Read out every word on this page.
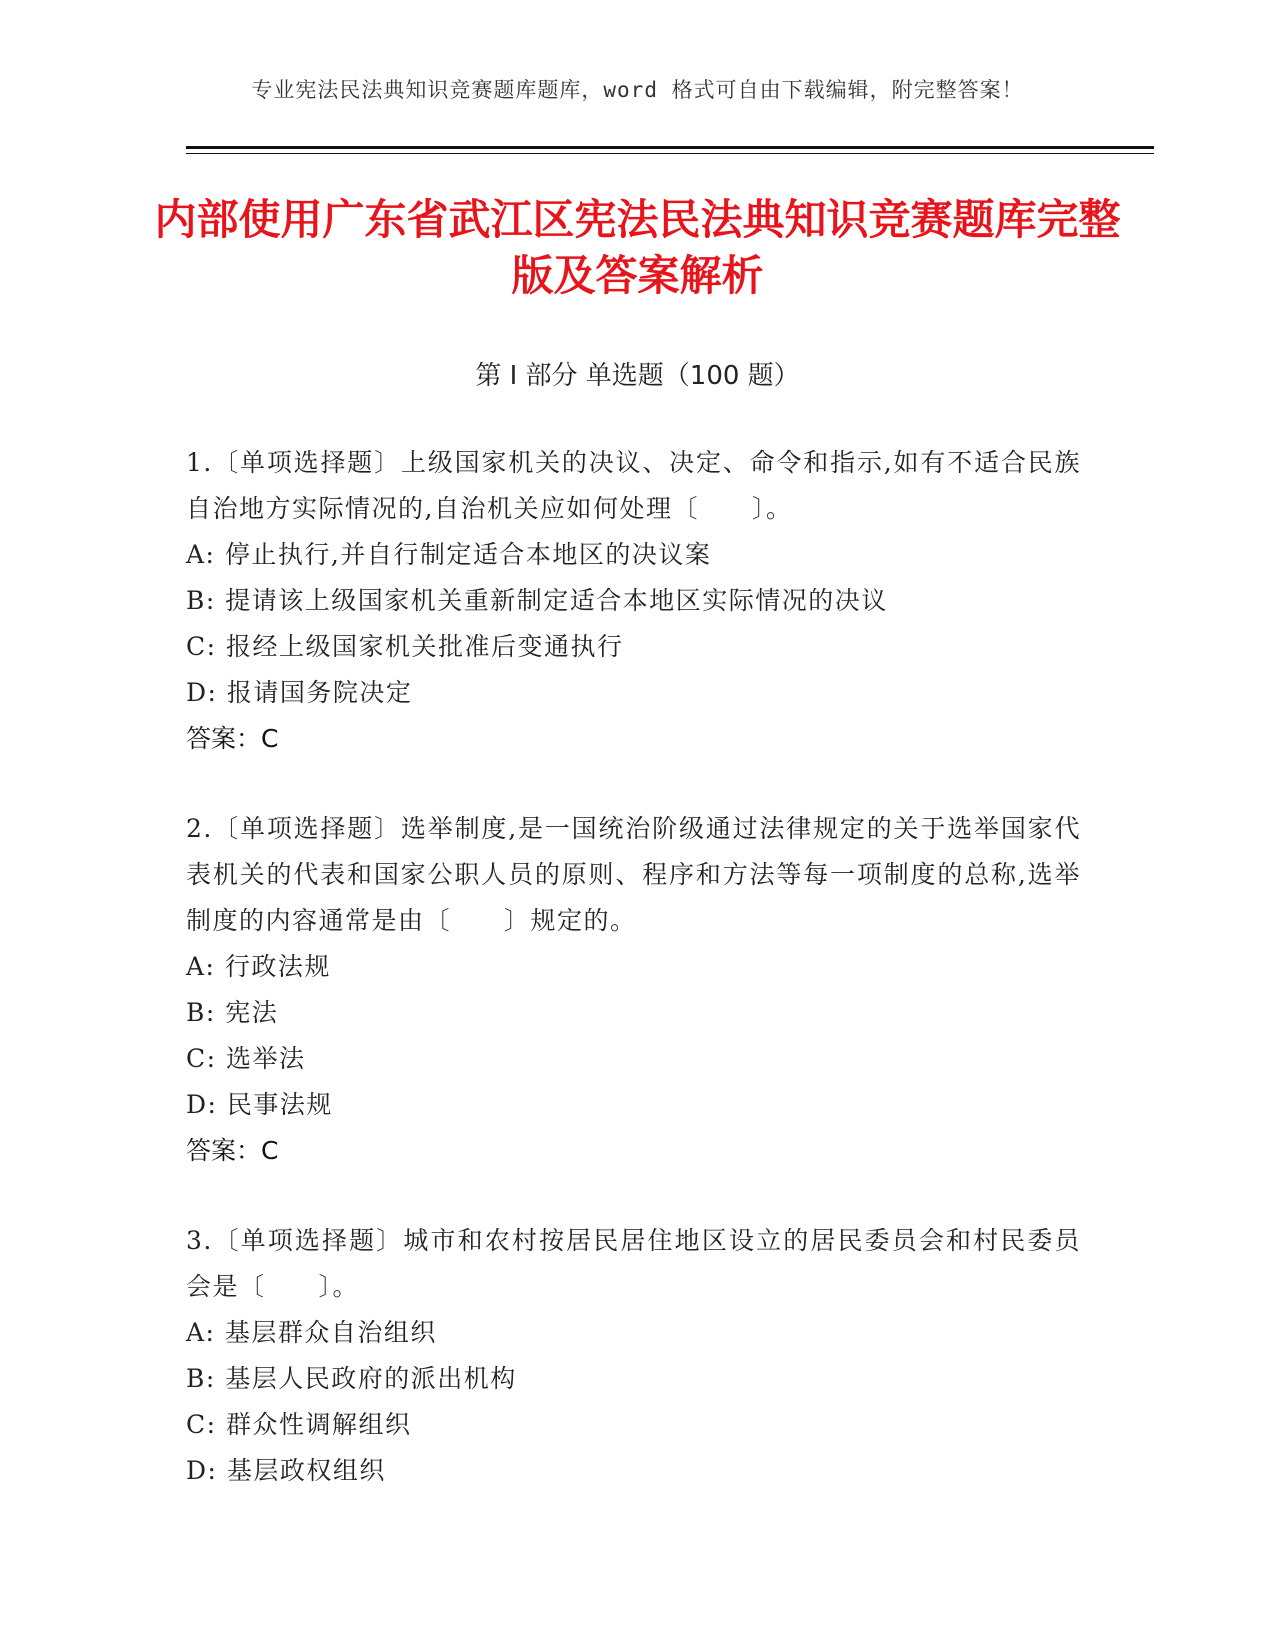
专业宪法民法典知识竞赛题库题库，word 格式可自由下载编辑，附完整答案！
内部使用广东省武江区宪法民法典知识竞赛题库完整版及答案解析
第 I 部分 单选题（100 题）

1.〔单项选择题〕上级国家机关的决议、决定、命令和指示,如有不适合民族自治地方实际情况的,自治机关应如何处理〔　　〕。

A: 停止执行,并自行制定适合本地区的决议案

B: 提请该上级国家机关重新制定适合本地区实际情况的决议

C: 报经上级国家机关批准后变通执行

D: 报请国务院决定

答案：C

2.〔单项选择题〕选举制度,是一国统治阶级通过法律规定的关于选举国家代表机关的代表和国家公职人员的原则、程序和方法等每一项制度的总称,选举制度的内容通常是由〔　　〕规定的。

A: 行政法规

B: 宪法

C: 选举法

D: 民事法规

答案：C

3.〔单项选择题〕城市和农村按居民居住地区设立的居民委员会和村民委员会是〔　　〕。

A: 基层群众自治组织

B: 基层人民政府的派出机构

C: 群众性调解组织

D: 基层政权组织
